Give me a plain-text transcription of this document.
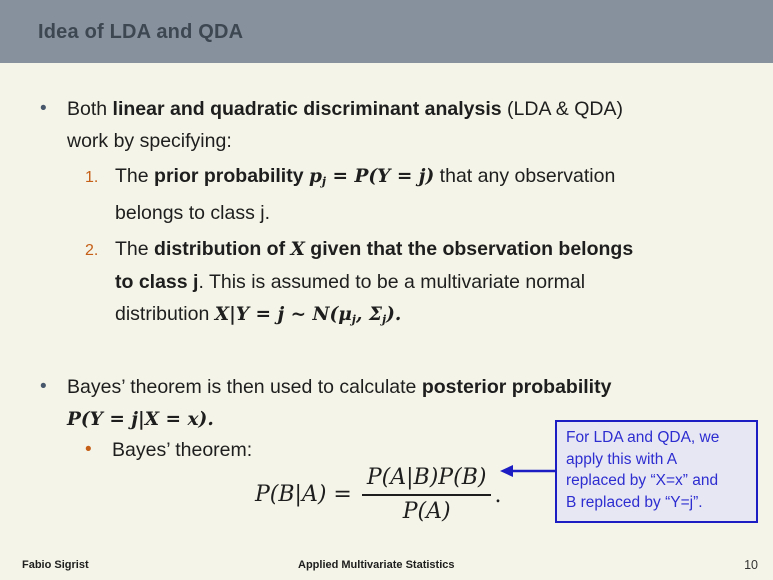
Idea of LDA and QDA
•	Both linear and quadratic discriminant analysis (LDA & QDA)
work by specifying:
1. The prior probability pj = P(Y = j) that any observation
belongs to class j.
2. The distribution of X given that the observation belongs
to class j. This is assumed to be a multivariate normal
distribution X|Y = j ~ N(μj, Σj).
•	Bayes’ theorem is then used to calculate posterior probability
P(Y = j|X = x).
•	Bayes’ theorem:
$P(B|A) = \frac{P(A|B)P(B)}{P(A)}$ .
For LDA and QDA, we
apply this with A
replaced by “X=x” and
B replaced by “Y=j”.
Fabio Sigrist	Applied Multivariate Statistics	10
